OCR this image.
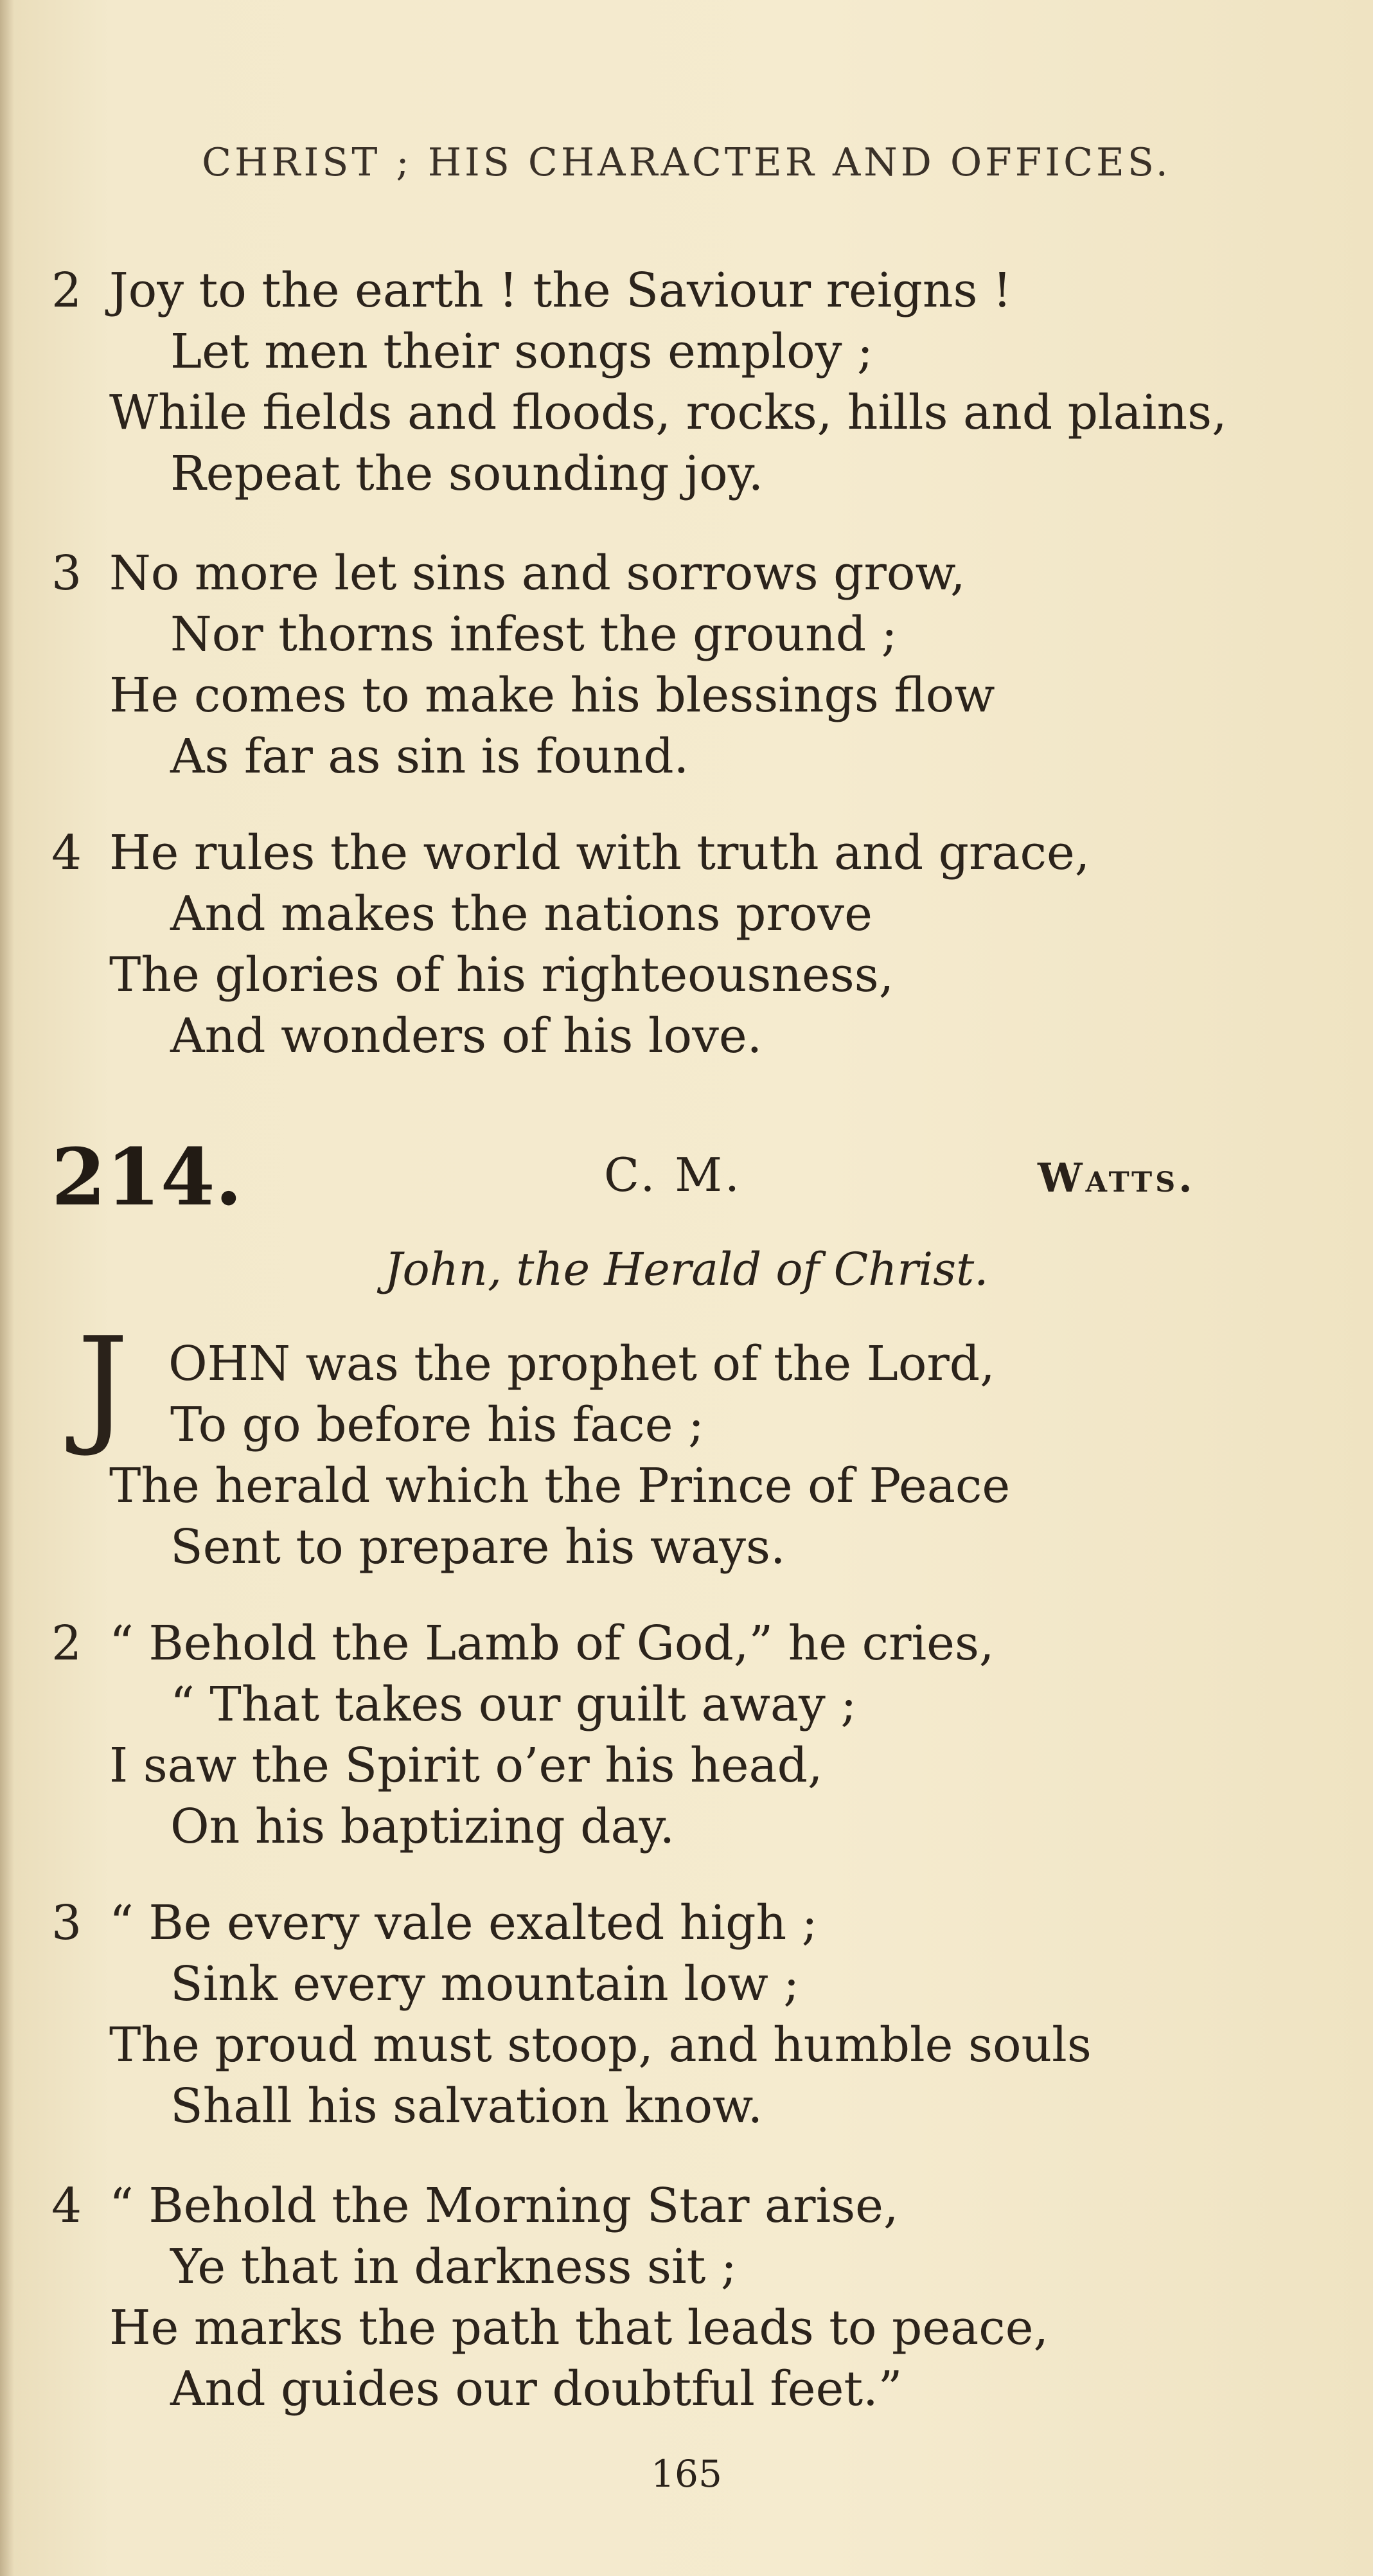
CHRIST ; HIS CHARACTER AND OFFICES.
2 Joy to the earth ! the Saviour reigns !
Let men their songs employ ;
While fields and floods, rocks, hills and plains,
Repeat the sounding joy.
3 No more let sins and sorrows grow,
Nor thorns infest the ground ;
He comes to make his blessings flow
As far as sin is found.
4 He rules the world with truth and grace,
And makes the nations prove
The glories of his righteousness,
And wonders of his love.
214.	C. M.	Watts.
John, the Herald of Christ.
J OHN was the prophet of the Lord,
To go before his face ;
The herald which the Prince of Peace
Sent to prepare his ways.
2 “ Behold the Lamb of God,” he cries,
“ That takes our guilt away ;
I saw the Spirit o’er his head,
On his baptizing day.
3 “ Be every vale exalted high ;
Sink every mountain low ;
The proud must stoop, and humble souls
Shall his salvation know.
4 “ Behold the Morning Star arise,
Ye that in darkness sit ;
He marks the path that leads to peace,
And guides our doubtful feet.”
165
